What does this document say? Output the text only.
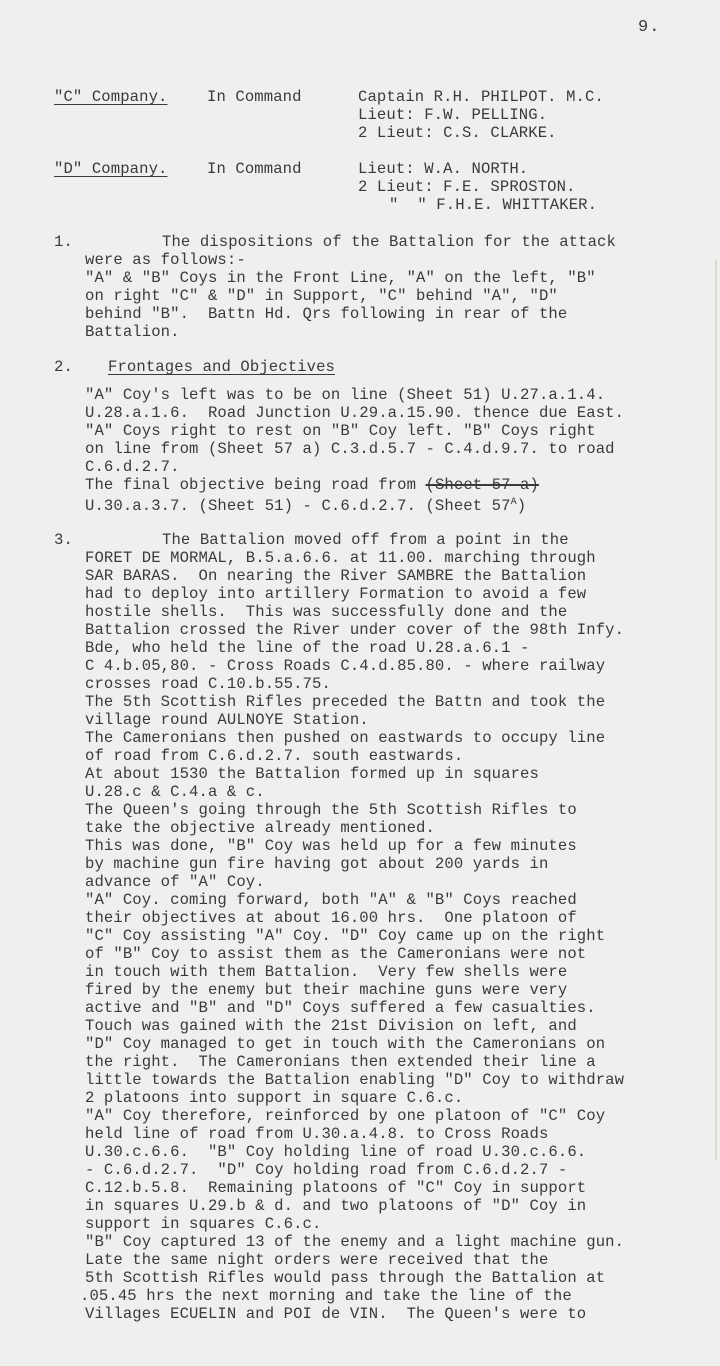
9.
"C" Company.	In Command	Captain R.H. PHILPOT. M.C.
Lieut: F.W. PELLING.
2 Lieut: C.S. CLARKE.
"D" Company.	In Command	Lieut: W.A. NORTH.
2 Lieut: F.E. SPROSTON.
"  " F.H.E. WHITTAKER.
1.	The dispositions of the Battalion for the attack
were as follows:-
"A" & "B" Coys in the Front Line, "A" on the left, "B"
on right "C" & "D" in Support, "C" behind "A", "D"
behind "B".  Battn Hd. Qrs following in rear of the
Battalion.
2. Frontages and Objectives
"A" Coy's left was to be on line (Sheet 51) U.27.a.1.4.
U.28.a.1.6.  Road Junction U.29.a.15.90. thence due East.
"A" Coys right to rest on "B" Coy left. "B" Coys right
on line from (Sheet 57 a) C.3.d.5.7 - C.4.d.9.7. to road
C.6.d.2.7.
The final objective being road from (Sheet 57 a)
U.30.a.3.7. (Sheet 51) - C.6.d.2.7. (Sheet $57^A$)
3.	The Battalion moved off from a point in the
FORET DE MORMAL, B.5.a.6.6. at 11.00. marching through
SAR BARAS.  On nearing the River SAMBRE the Battalion
had to deploy into artillery Formation to avoid a few
hostile shells.  This was successfully done and the
Battalion crossed the River under cover of the 98th Infy.
Bde, who held the line of the road U.28.a.6.1 -
C 4.b.05,80. - Cross Roads C.4.d.85.80. - where railway
crosses road C.10.b.55.75.
The 5th Scottish Rifles preceded the Battn and took the
village round AULNOYE Station.
The Cameronians then pushed on eastwards to occupy line
of road from C.6.d.2.7. south eastwards.
At about 1530 the Battalion formed up in squares
U.28.c & C.4.a & c.
The Queen's going through the 5th Scottish Rifles to
take the objective already mentioned.
This was done, "B" Coy was held up for a few minutes
by machine gun fire having got about 200 yards in
advance of "A" Coy.
"A" Coy. coming forward, both "A" & "B" Coys reached
their objectives at about 16.00 hrs.  One platoon of
"C" Coy assisting "A" Coy. "D" Coy came up on the right
of "B" Coy to assist them as the Cameronians were not
in touch with them Battalion.  Very few shells were
fired by the enemy but their machine guns were very
active and "B" and "D" Coys suffered a few casualties.
Touch was gained with the 21st Division on left, and
"D" Coy managed to get in touch with the Cameronians on
the right.  The Cameronians then extended their line a
little towards the Battalion enabling "D" Coy to withdraw
2 platoons into support in square C.6.c.
"A" Coy therefore, reinforced by one platoon of "C" Coy
held line of road from U.30.a.4.8. to Cross Roads
U.30.c.6.6.  "B" Coy holding line of road U.30.c.6.6.
- C.6.d.2.7.  "D" Coy holding road from C.6.d.2.7 -
C.12.b.5.8.  Remaining platoons of "C" Coy in support
in squares U.29.b & d. and two platoons of "D" Coy in
support in squares C.6.c.
"B" Coy captured 13 of the enemy and a light machine gun.
Late the same night orders were received that the
5th Scottish Rifles would pass through the Battalion at
.05.45 hrs the next morning and take the line of the
Villages ECUELIN and POI de VIN.  The Queen's were to
